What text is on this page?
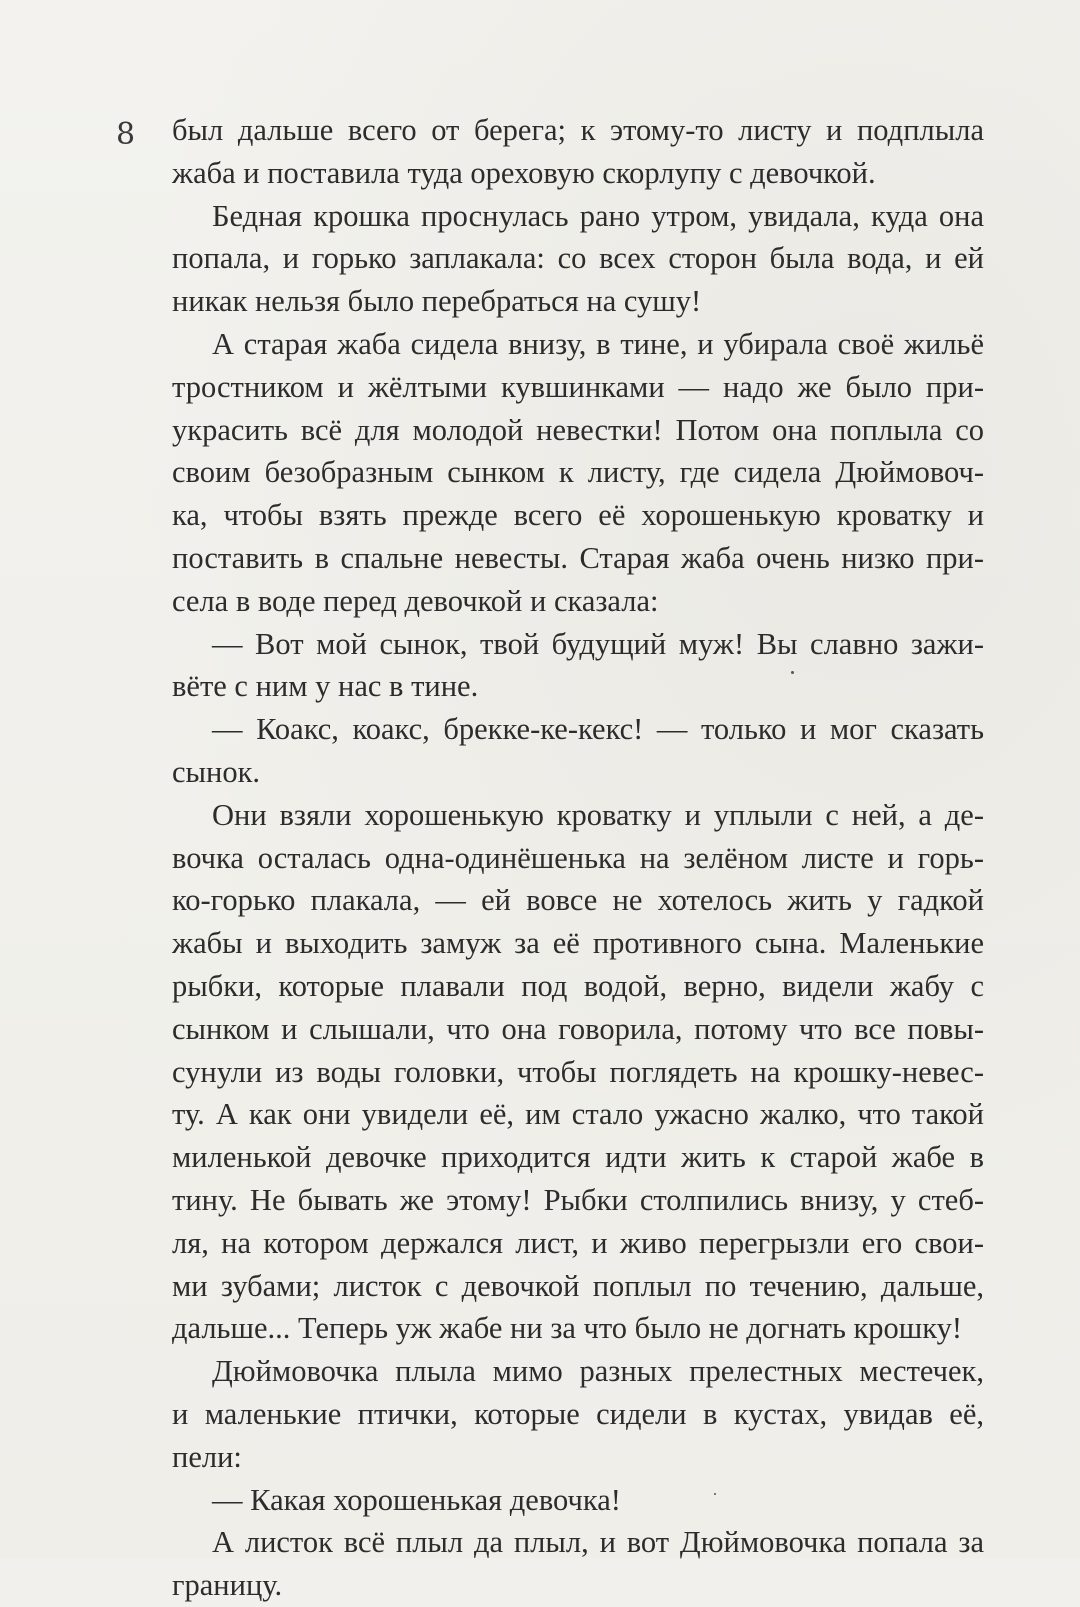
8 был дальше всего от берега; к этому-то листу и подплыла
жаба и поставила туда ореховую скорлупу с девочкой.

Бедная крошка проснулась рано утром, увидала, куда она
попала, и горько заплакала: со всех сторон была вода, и ей
никак нельзя было перебраться на сушу!

А старая жаба сидела внизу, в тине, и убирала своё жильё
тростником и жёлтыми кувшинками — надо же было при-
украсить всё для молодой невестки! Потом она поплыла со
своим безобразным сынком к листу, где сидела Дюймовоч-
ка, чтобы взять прежде всего её хорошенькую кроватку и
поставить в спальне невесты. Старая жаба очень низко при-
села в воде перед девочкой и сказала:

— Вот мой сынок, твой будущий муж! Вы славно зажи-
вёте с ним у нас в тине.

— Коакс, коакс, брекке-ке-кекс! — только и мог сказать
сынок.

Они взяли хорошенькую кроватку и уплыли с ней, а де-
вочка осталась одна-одинёшенька на зелёном листе и горь-
ко-горько плакала, — ей вовсе не хотелось жить у гадкой
жабы и выходить замуж за её противного сына. Маленькие
рыбки, которые плавали под водой, верно, видели жабу с
сынком и слышали, что она говорила, потому что все повы-
сунули из воды головки, чтобы поглядеть на крошку-невес-
ту. А как они увидели её, им стало ужасно жалко, что такой
миленькой девочке приходится идти жить к старой жабе в
тину. Не бывать же этому! Рыбки столпились внизу, у стеб-
ля, на котором держался лист, и живо перегрызли его свои-
ми зубами; листок с девочкой поплыл по течению, дальше,
дальше... Теперь уж жабе ни за что было не догнать крошку!

Дюймовочка плыла мимо разных прелестных местечек,
и маленькие птички, которые сидели в кустах, увидав её,
пели:

— Какая хорошенькая девочка!

А листок всё плыл да плыл, и вот Дюймовочка попала за
границу.
